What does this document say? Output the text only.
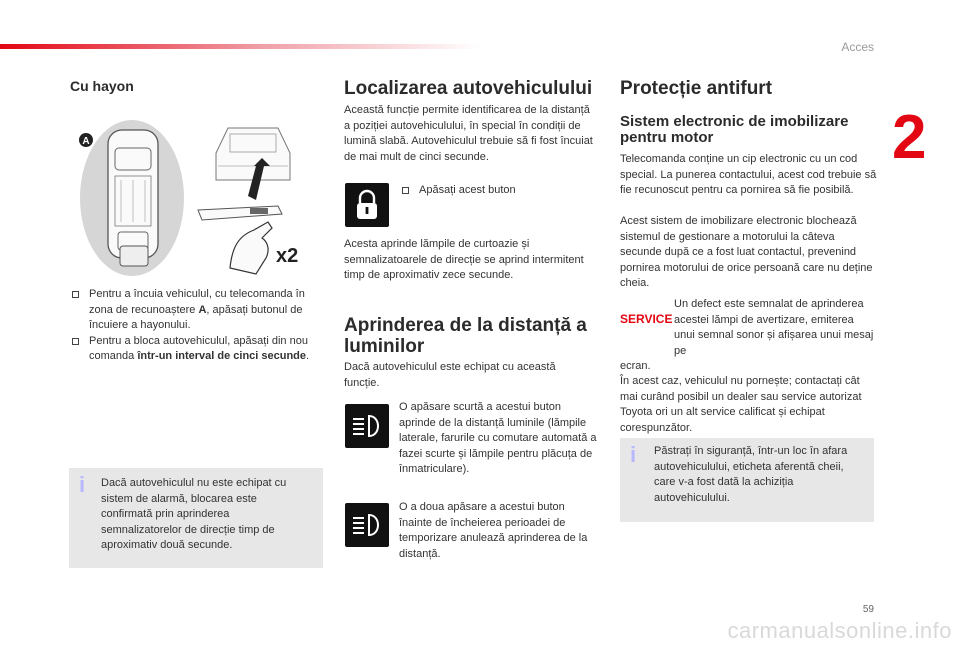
Acces
2
Cu hayon
A
x2

Pentru a încuia vehiculul, cu telecomanda în zona de recunoaștere A, apăsați butonul de încuiere a hayonului.

Pentru a bloca autovehiculul, apăsați din nou comanda într-un interval de cinci secunde.

i Dacă autovehiculul nu este echipat cu sistem de alarmă, blocarea este confirmată prin aprinderea semnalizatorelor de direcție timp de aproximativ două secunde.

Localizarea autovehiculului

Această funcție permite identificarea de la distanță a poziției autovehiculului, în special în condiții de lumină slabă. Autovehiculul trebuie să fi fost încuiat de mai mult de cinci secunde.

Apăsați acest buton

Acesta aprinde lămpile de curtoazie și semnalizatoarele de direcție se aprind intermitent timp de aproximativ zece secunde.

Aprinderea de la distanță a luminilor

Dacă autovehiculul este echipat cu această funcție.

O apăsare scurtă a acestui buton aprinde de la distanță luminile (lămpile laterale, farurile cu comutare automată a fazei scurte și lămpile pentru plăcuța de înmatriculare).

O a doua apăsare a acestui buton înainte de încheierea perioadei de temporizare anulează aprinderea de la distanță.

Protecție antifurt
Sistem electronic de imobilizare pentru motor

Telecomanda conține un cip electronic cu un cod special. La punerea contactului, acest cod trebuie să fie recunoscut pentru ca pornirea să fie posibilă.

Acest sistem de imobilizare electronic blochează sistemul de gestionare a motorului la câteva secunde după ce a fost luat contactul, prevenind pornirea motorului de orice persoană care nu deține cheia.

SERVICE

Un defect este semnalat de aprinderea acestei lămpi de avertizare, emiterea unui semnal sonor și afișarea unui mesaj pe

ecran.

În acest caz, vehiculul nu pornește; contactați cât mai curând posibil un dealer sau service autorizat Toyota ori un alt service calificat și echipat corespunzător.

i Păstrați în siguranță, într-un loc în afara autovehiculului, eticheta aferentă cheii, care v-a fost dată la achiziția autovehiculului.

59
carmanualsonline.info
